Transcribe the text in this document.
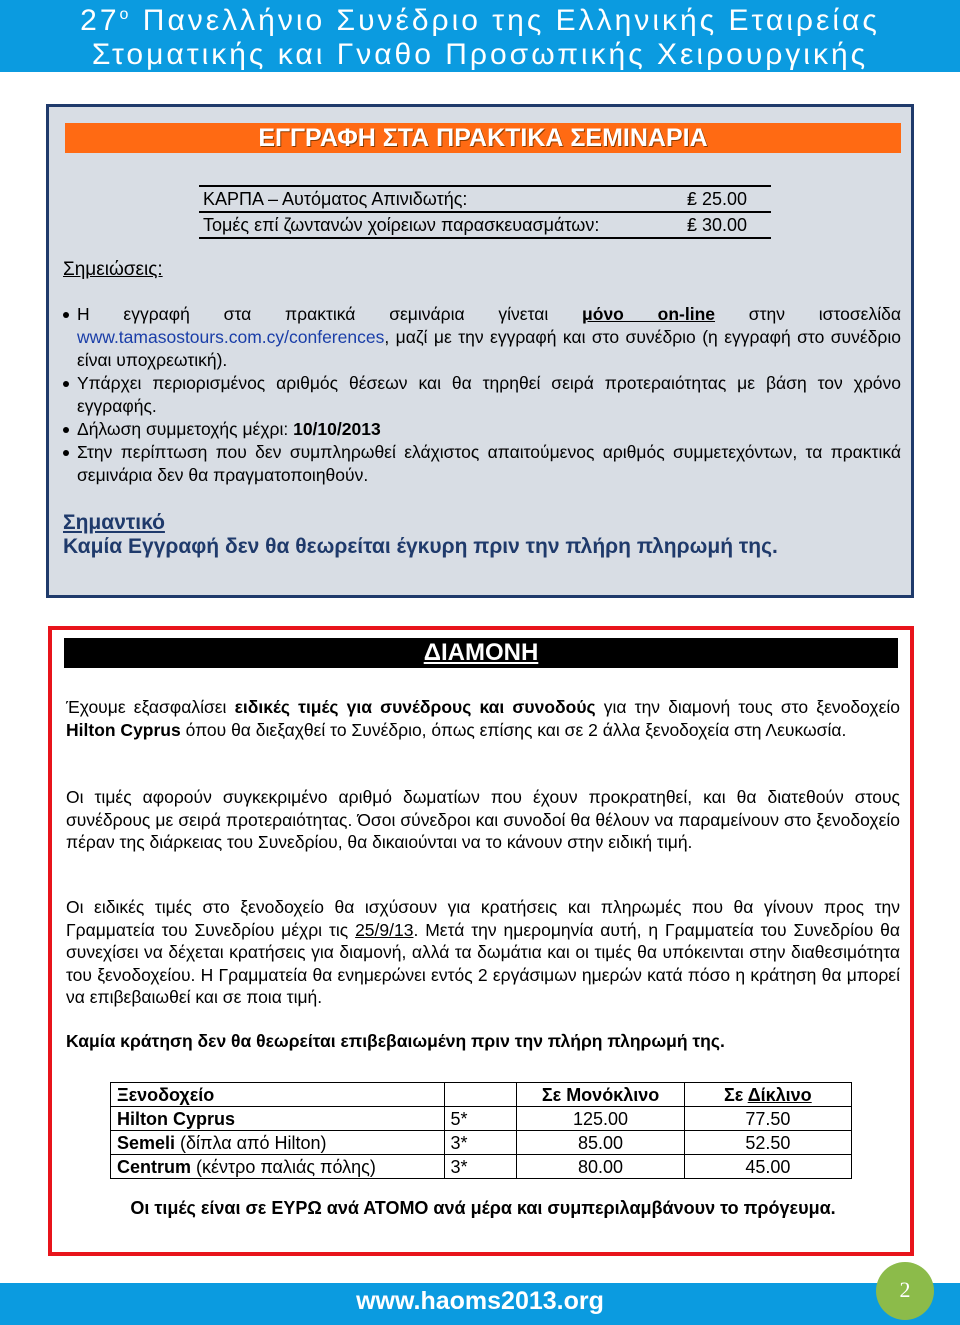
$27^o$ Πανελλήνιο Συνέδριο της Ελληνικής Εταιρείας
Στοματικής και Γναθο Προσωπικής Χειρουργικής
ΕΓΓΡΑΦΗ ΣΤΑ ΠΡΑΚΤΙΚΑ ΣΕΜΙΝΑΡΙΑ
ΚΑΡΠΑ – Αυτόματος Απινιδωτής:	₤ 25.00
Τομές επί ζωντανών χοίρειων παρασκευασμάτων:	₤ 30.00
Σημειώσεις:
Η εγγραφή στα πρακτικά σεμινάρια γίνεται μόνο on-line στην ιστοσελίδα www.tamasostours.com.cy/conferences, μαζί με την εγγραφή και στο συνέδριο (η εγγραφή στο συνέδριο είναι υποχρεωτική).
Υπάρχει περιορισμένος αριθμός θέσεων και θα τηρηθεί σειρά προτεραιότητας με βάση τον χρόνο εγγραφής.
Δήλωση συμμετοχής μέχρι: 10/10/2013
Στην περίπτωση που δεν συμπληρωθεί ελάχιστος απαιτούμενος αριθμός συμμετεχόντων, τα πρακτικά σεμινάρια δεν θα πραγματοποιηθούν.
Σημαντικό
Καμία Εγγραφή δεν θα θεωρείται έγκυρη πριν την πλήρη πληρωμή της.
ΔΙΑΜΟΝΗ
Έχουμε εξασφαλίσει ειδικές τιμές για συνέδρους και συνοδούς για την διαμονή τους στο ξενοδοχείο Hilton Cyprus όπου θα διεξαχθεί το Συνέδριο, όπως επίσης και σε 2 άλλα ξενοδοχεία στη Λευκωσία.
Οι τιμές αφορούν συγκεκριμένο αριθμό δωματίων που έχουν προκρατηθεί, και θα διατεθούν στους συνέδρους με σειρά προτεραιότητας. Όσοι σύνεδροι και συνοδοί θα θέλουν να παραμείνουν στο ξενοδοχείο πέραν της διάρκειας του Συνεδρίου, θα δικαιούνται να το κάνουν στην ειδική τιμή.
Οι ειδικές τιμές στο ξενοδοχείο θα ισχύσουν για κρατήσεις και πληρωμές που θα γίνουν προς την Γραμματεία του Συνεδρίου μέχρι τις 25/9/13. Μετά την ημερομηνία αυτή, η Γραμματεία του Συνεδρίου θα συνεχίσει να δέχεται κρατήσεις για διαμονή, αλλά τα δωμάτια και οι τιμές θα υπόκεινται στην διαθεσιμότητα του ξενοδοχείου. Η Γραμματεία θα ενημερώνει εντός 2 εργάσιμων ημερών κατά πόσο η κράτηση θα μπορεί να επιβεβαιωθεί και σε ποια τιμή.
Καμία κράτηση δεν θα θεωρείται επιβεβαιωμένη πριν την πλήρη πληρωμή της.
Ξενοδοχείο		Σε Μονόκλινο	Σε Δίκλινο
Hilton Cyprus	5*	125.00	77.50
Semeli (δίπλα από Hilton)	3*	85.00	52.50
Centrum (κέντρο παλιάς πόλης)	3*	80.00	45.00
Οι τιμές είναι σε ΕΥΡΩ ανά ΑΤΟΜΟ ανά μέρα και συμπεριλαμβάνουν το πρόγευμα.
www.haoms2013.org	2
